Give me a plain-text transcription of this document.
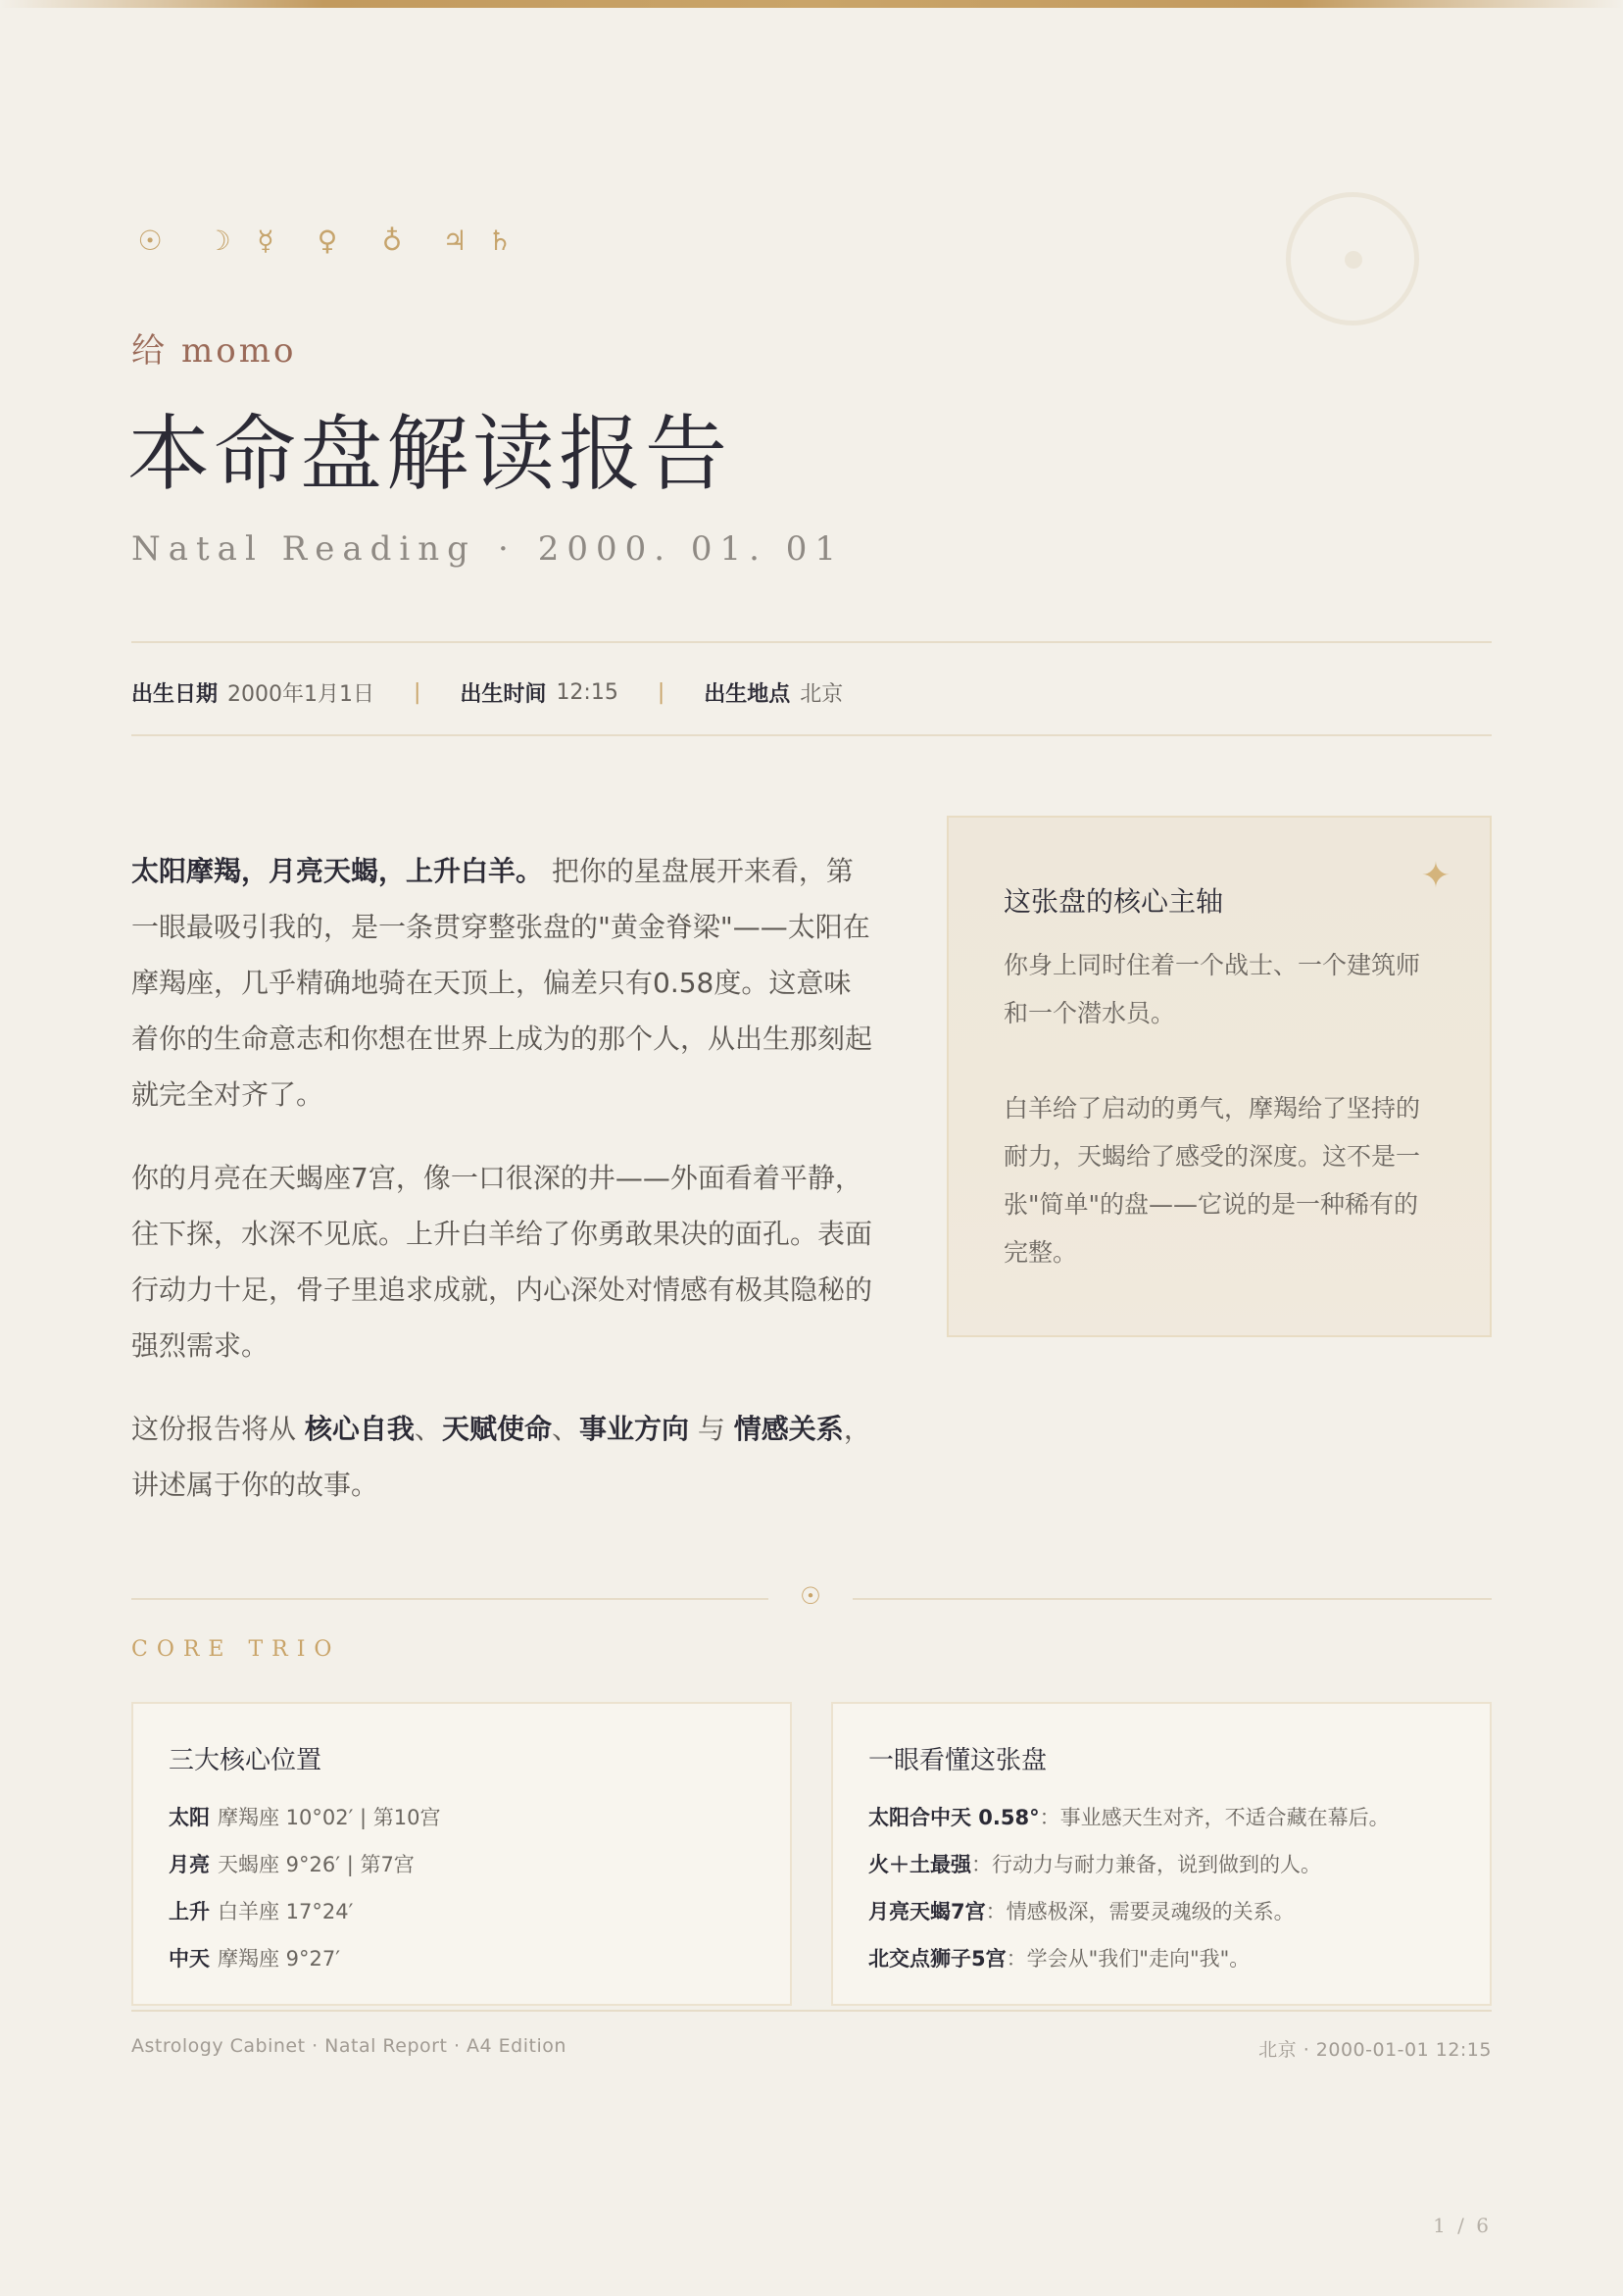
☉	☽ ☿	♀	♁	♃ ♄
给 momo
本命盘解读报告
Natal Reading · 2000. 01. 01
出生日期 2000年1月1日 | 出生时间 12:15 | 出生地点 北京

太阳摩羯，月亮天蝎，上升白羊。 把你的星盘展开来看，第一眼最吸引我的，是一条贯穿整张盘的"黄金脊梁"——太阳在摩羯座，几乎精确地骑在天顶上，偏差只有0.58度。这意味着你的生命意志和你想在世界上成为的那个人，从出生那刻起就完全对齐了。

你的月亮在天蝎座7宫，像一口很深的井——外面看着平静，往下探，水深不见底。上升白羊给了你勇敢果决的面孔。表面行动力十足，骨子里追求成就，内心深处对情感有极其隐秘的强烈需求。

这份报告将从 核心自我、天赋使命、事业方向 与 情感关系，讲述属于你的故事。

✦
这张盘的核心主轴

你身上同时住着一个战士、一个建筑师和一个潜水员。

白羊给了启动的勇气，摩羯给了坚持的耐力，天蝎给了感受的深度。这不是一张"简单"的盘——它说的是一种稀有的完整。

☉
CORE TRIO
三大核心位置
太阳 摩羯座 10°02′ | 第10宫
月亮 天蝎座 9°26′ | 第7宫
上升 白羊座 17°24′
中天 摩羯座 9°27′
一眼看懂这张盘
太阳合中天 0.58°：事业感天生对齐，不适合藏在幕后。
火＋土最强：行动力与耐力兼备，说到做到的人。
月亮天蝎7宫：情感极深，需要灵魂级的关系。
北交点狮子5宫：学会从"我们"走向"我"。
Astrology Cabinet · Natal Report · A4 Edition	北京 · 2000-01-01 12:15
1 / 6
